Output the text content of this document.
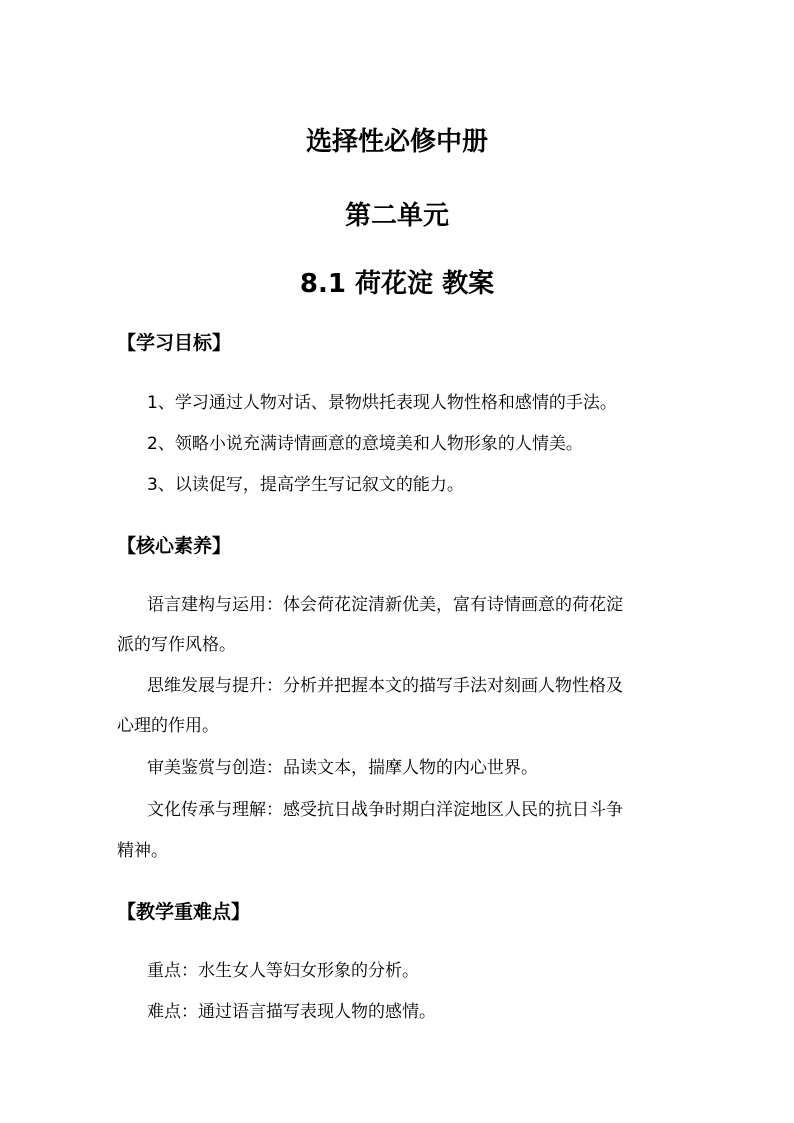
选择性必修中册
第二单元
8.1 荷花淀 教案
【学习目标】
1、学习通过人物对话、景物烘托表现人物性格和感情的手法。
2、领略小说充满诗情画意的意境美和人物形象的人情美。
3、以读促写，提高学生写记叙文的能力。
【核心素养】
语言建构与运用：体会荷花淀清新优美，富有诗情画意的荷花淀
派的写作风格。
思维发展与提升：分析并把握本文的描写手法对刻画人物性格及
心理的作用。
审美鉴赏与创造：品读文本，揣摩人物的内心世界。
文化传承与理解：感受抗日战争时期白洋淀地区人民的抗日斗争
精神。
【教学重难点】
重点：水生女人等妇女形象的分析。
难点：通过语言描写表现人物的感情。
